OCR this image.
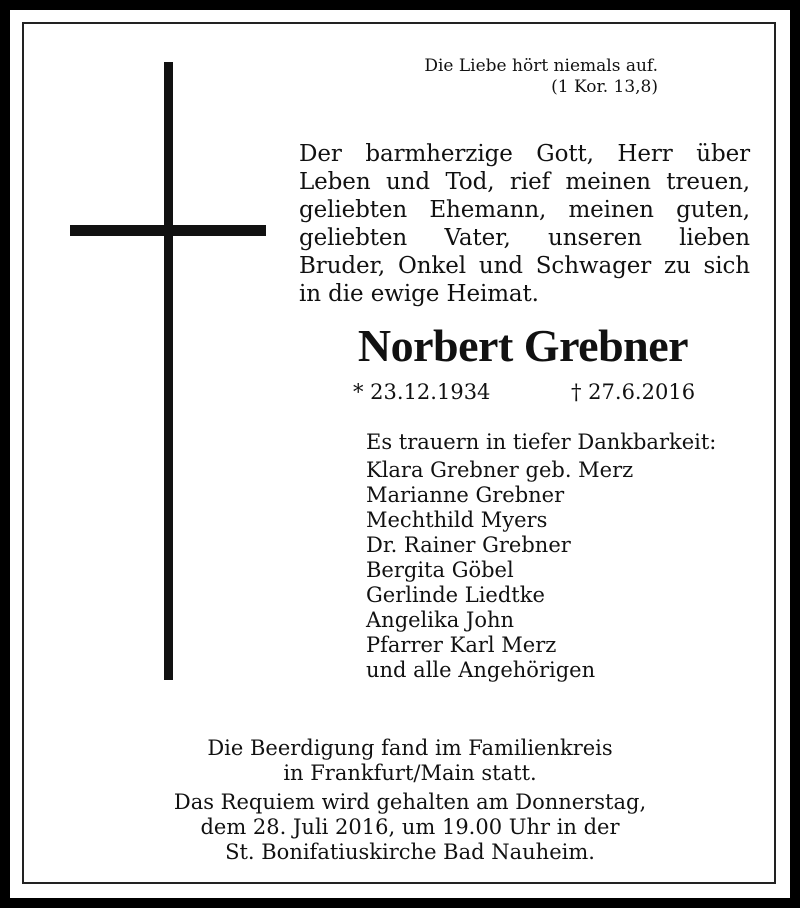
Die Liebe hört niemals auf.
(1 Kor. 13,8)
Der barmherzige Gott, Herr über Leben und Tod, rief meinen treuen, geliebten Ehemann, meinen guten, geliebten Vater, unseren lieben Bruder, Onkel und Schwager zu sich in die ewige Heimat.
Norbert Grebner
* 23.12.1934	† 27.6.2016
Es trauern in tiefer Dankbarkeit:
Klara Grebner geb. Merz
Marianne Grebner
Mechthild Myers
Dr. Rainer Grebner
Bergita Göbel
Gerlinde Liedtke
Angelika John
Pfarrer Karl Merz
und alle Angehörigen
Die Beerdigung fand im Familienkreis
in Frankfurt/Main statt.
Das Requiem wird gehalten am Donnerstag,
dem 28. Juli 2016, um 19.00 Uhr in der
St. Bonifatiuskirche Bad Nauheim.
